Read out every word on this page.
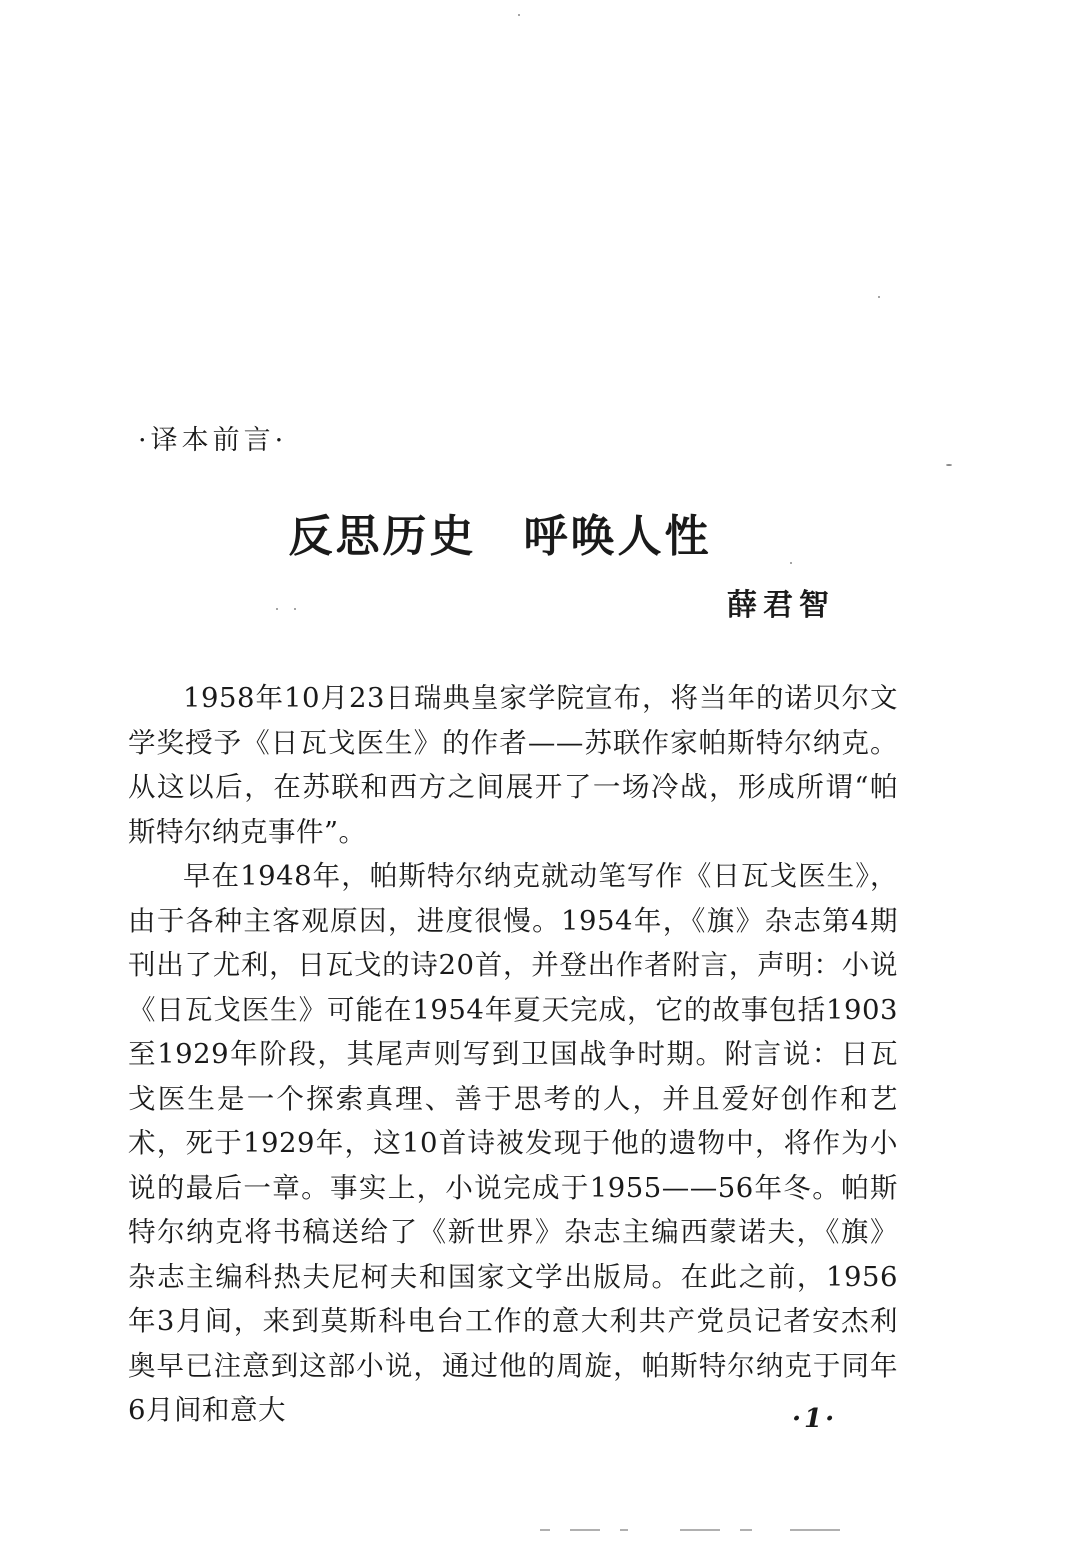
·译本前言·
反思历史　呼唤人性
薛君智

1958年10月23日瑞典皇家学院宣布，将当年的诺贝尔文学奖授予《日瓦戈医生》的作者——苏联作家帕斯特尔纳克。从这以后，在苏联和西方之间展开了一场冷战，形成所谓“帕斯特尔纳克事件”。

早在1948年，帕斯特尔纳克就动笔写作《日瓦戈医生》，由于各种主客观原因，进度很慢。1954年，《旗》杂志第4期刊出了尤利，日瓦戈的诗20首，并登出作者附言，声明：小说《日瓦戈医生》可能在1954年夏天完成，它的故事包括1903至1929年阶段，其尾声则写到卫国战争时期。附言说：日瓦戈医生是一个探索真理、善于思考的人，并且爱好创作和艺术，死于1929年，这10首诗被发现于他的遗物中，将作为小说的最后一章。事实上，小说完成于1955——56年冬。帕斯特尔纳克将书稿送给了《新世界》杂志主编西蒙诺夫，《旗》杂志主编科热夫尼柯夫和国家文学出版局。在此之前，1956年3月间，来到莫斯科电台工作的意大利共产党员记者安杰利奥早已注意到这部小说，通过他的周旋，帕斯特尔纳克于同年6月间和意大	·1·
